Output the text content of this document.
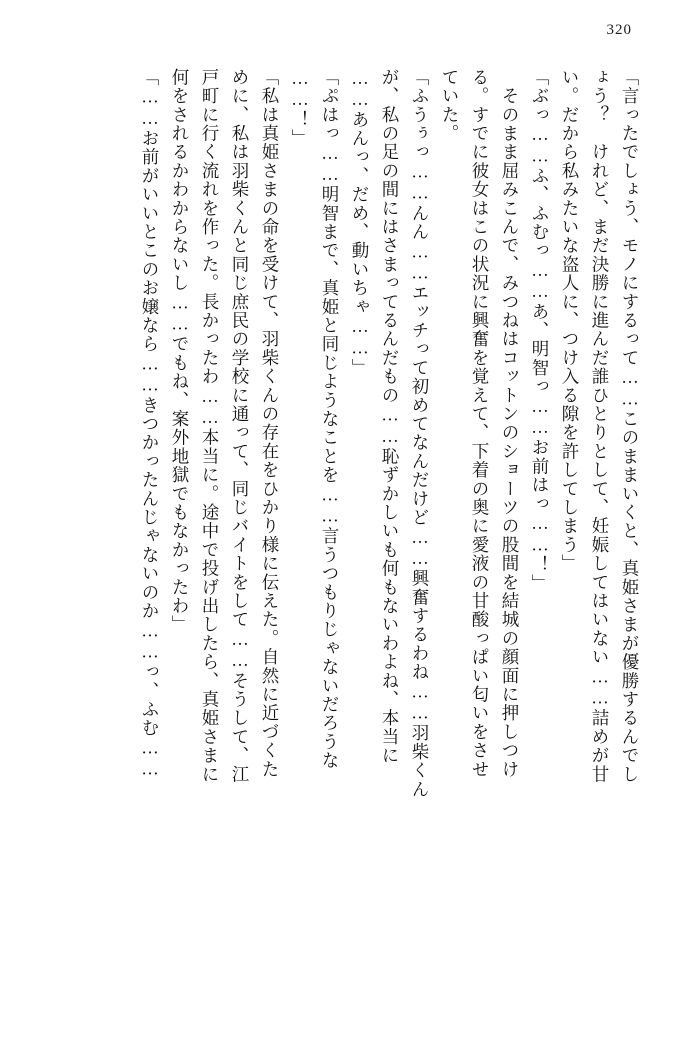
320
「言ったでしょう、モノにするって……このままいくと、真姫さまが優勝するんでし
ょう？　けれど、まだ決勝に進んだ誰ひとりとして、妊娠してはいない……詰めが甘
い。だから私みたいな盗人に、つけ入る隙を許してしまう」
「ぶっ……ふ、ふむっ……あ、明智っ……お前はっ……！」
　そのまま屈みこんで、みつねはコットンのショーツの股間を結城の顔面に押しつけ
る。すでに彼女はこの状況に興奮を覚えて、下着の奥に愛液の甘酸っぱい匂いをさせ
ていた。
「ふうぅっ……んん……エッチって初めてなんだけど……興奮するわね……羽柴くん
が、私の足の間にはさまってるんだもの……恥ずかしいも何もないわよね、本当に
……あんっ、だめ、動いちゃ……」
「ぷはっ……明智まで、真姫と同じようなことを……言うつもりじゃないだろうな
……！」
「私は真姫さまの命を受けて、羽柴くんの存在をひかり様に伝えた。自然に近づくた
めに、私は羽柴くんと同じ庶民の学校に通って、同じバイトをして……そうして、江
戸町に行く流れを作った。長かったわ……本当に。途中で投げ出したら、真姫さまに
何をされるかわからないし……でもね、案外地獄でもなかったわ」
「……お前がいいとこのお嬢なら……きつかったんじゃないのか……っ、ふむ……
